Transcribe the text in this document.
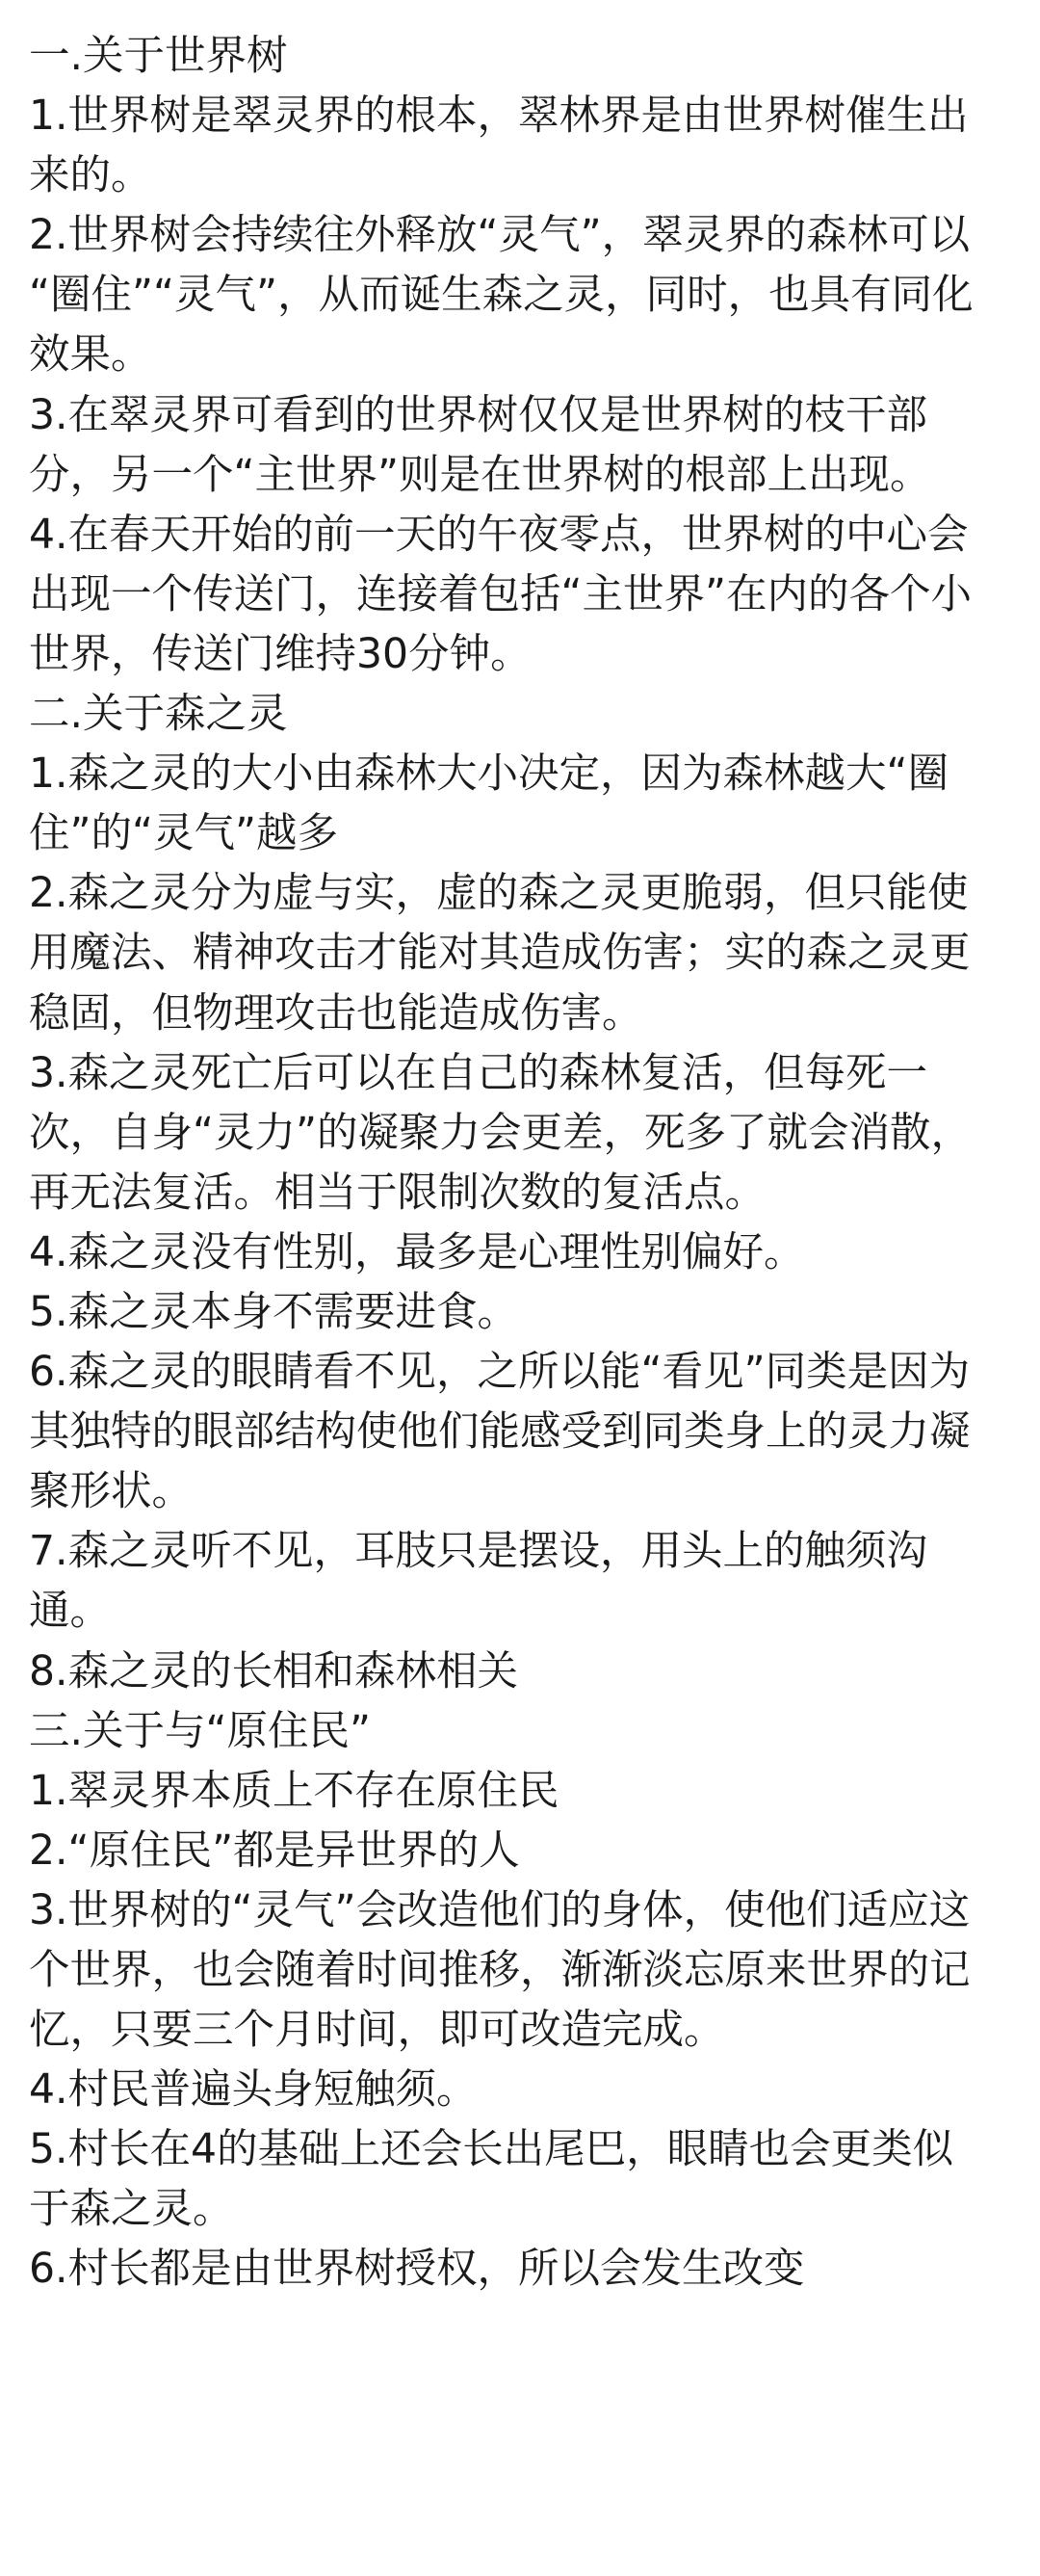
一.关于世界树

1.世界树是翠灵界的根本，翠林界是由世界树催生出
来的。

2.世界树会持续往外释放“灵气”，翠灵界的森林可以
“圈住”“灵气”，从而诞生森之灵，同时，也具有同化
效果。

3.在翠灵界可看到的世界树仅仅是世界树的枝干部
分，另一个“主世界”则是在世界树的根部上出现。

4.在春天开始的前一天的午夜零点，世界树的中心会
出现一个传送门，连接着包括“主世界”在内的各个小
世界，传送门维持30分钟。

二.关于森之灵

1.森之灵的大小由森林大小决定，因为森林越大“圈
住”的“灵气”越多

2.森之灵分为虚与实，虚的森之灵更脆弱，但只能使
用魔法、精神攻击才能对其造成伤害；实的森之灵更
稳固，但物理攻击也能造成伤害。

3.森之灵死亡后可以在自己的森林复活，但每死一
次，自身“灵力”的凝聚力会更差，死多了就会消散，
再无法复活。相当于限制次数的复活点。

4.森之灵没有性别，最多是心理性别偏好。

5.森之灵本身不需要进食。

6.森之灵的眼睛看不见，之所以能“看见”同类是因为
其独特的眼部结构使他们能感受到同类身上的灵力凝
聚形状。

7.森之灵听不见，耳肢只是摆设，用头上的触须沟
通。

8.森之灵的长相和森林相关

三.关于与“原住民”

1.翠灵界本质上不存在原住民

2.“原住民”都是异世界的人

3.世界树的“灵气”会改造他们的身体，使他们适应这
个世界，也会随着时间推移，渐渐淡忘原来世界的记
忆，只要三个月时间，即可改造完成。

4.村民普遍头身短触须。

5.村长在4的基础上还会长出尾巴，眼睛也会更类似
于森之灵。

6.村长都是由世界树授权，所以会发生改变
